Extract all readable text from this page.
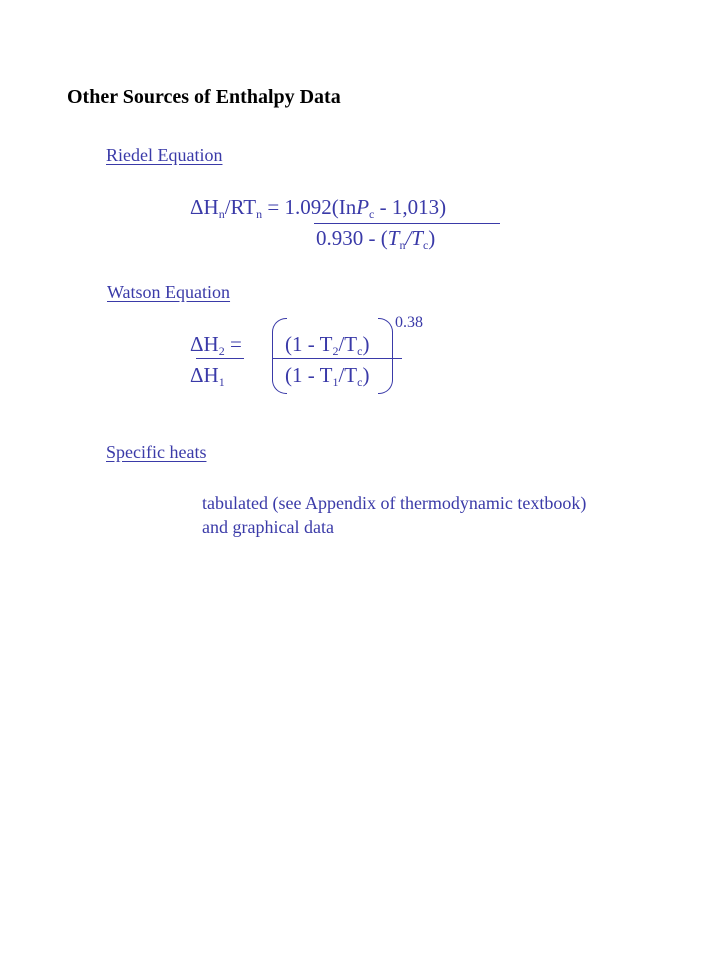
Other Sources of Enthalpy Data
Riedel Equation
$\Delta H_n/RT_n = 1.092(InP_c - 1,013)$
$0.930 - (T_n/T_c)$
Watson Equation
0.38
$\Delta H_2 = (1 - T_2/T_c)$
$\Delta H_1$	$(1 - T_1/T_c)$
Specific heats
tabulated (see Appendix of thermodynamic textbook)
and graphical data
